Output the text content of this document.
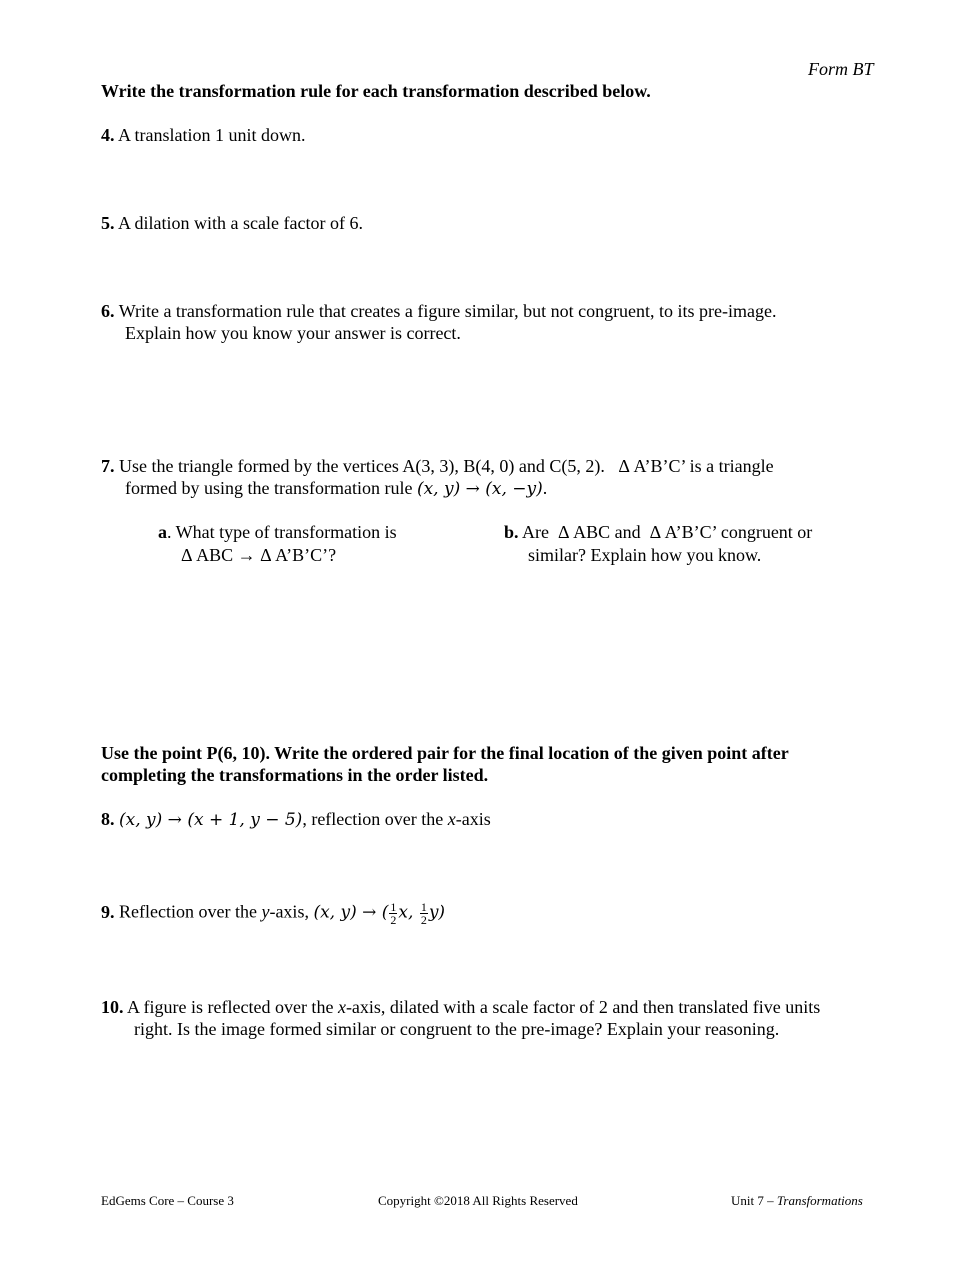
Form BT
Write the transformation rule for each transformation described below.
4. A translation 1 unit down.
5. A dilation with a scale factor of 6.
6. Write a transformation rule that creates a figure similar, but not congruent, to its pre-image.
Explain how you know your answer is correct.
7. Use the triangle formed by the vertices A(3, 3), B(4, 0) and C(5, 2).   Δ A’B’C’ is a triangle
formed by using the transformation rule (x, y) → (x, −y).
a. What type of transformation is
Δ ABC → Δ A’B’C’?
b. Are  Δ ABC and  Δ A’B’C’ congruent or
similar? Explain how you know.
Use the point P(6, 10). Write the ordered pair for the final location of the given point after
completing the transformations in the order listed.
8. (x, y) → (x + 1, y − 5), reflection over the x-axis
9. Reflection over the y-axis, (x, y) → ( $\frac{1}{2} x$, $\frac{1}{2} y$)
10. A figure is reflected over the x-axis, dilated with a scale factor of 2 and then translated five units
right. Is the image formed similar or congruent to the pre-image? Explain your reasoning.
EdGems Core – Course 3	Copyright ©2018 All Rights Reserved	Unit 7 – Transformations
